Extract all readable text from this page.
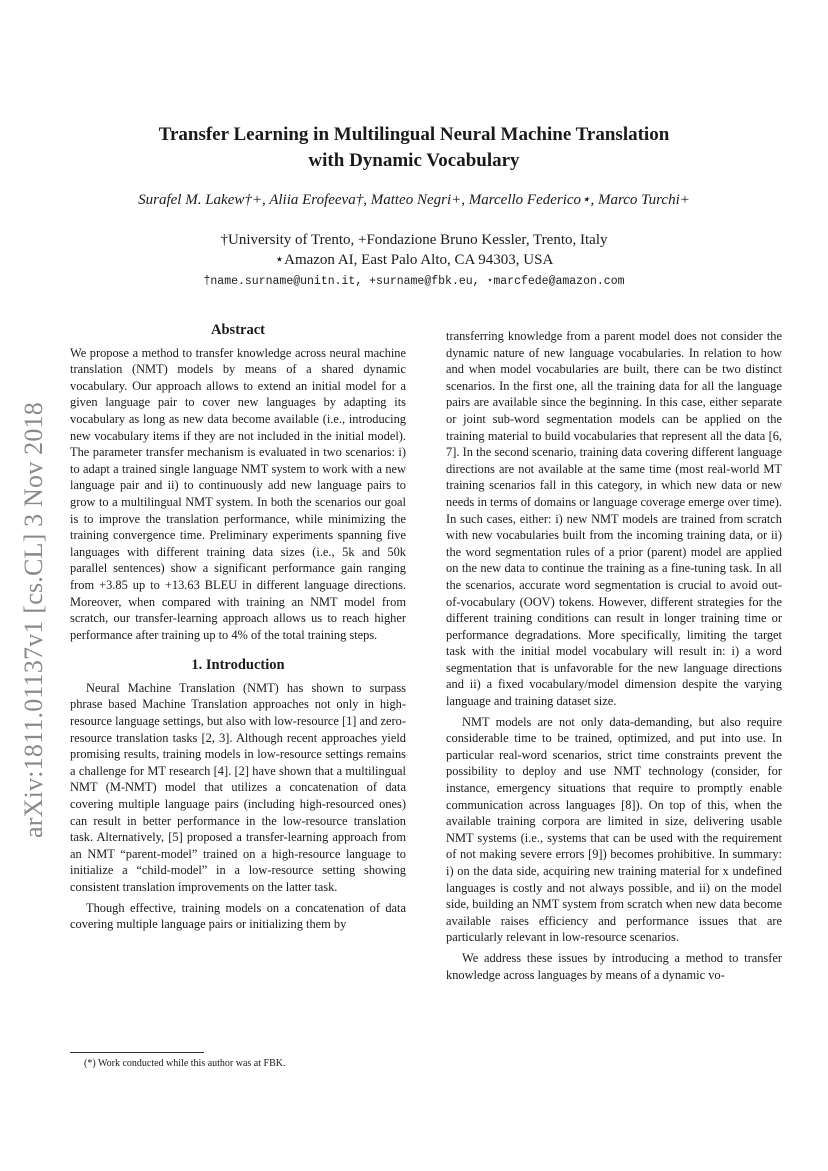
arXiv:1811.01137v1 [cs.CL] 3 Nov 2018
Transfer Learning in Multilingual Neural Machine Translation
with Dynamic Vocabulary
Surafel M. Lakew†+, Aliia Erofeeva†, Matteo Negri+, Marcello Federico⋆, Marco Turchi+
†University of Trento, +Fondazione Bruno Kessler, Trento, Italy
⋆Amazon AI, East Palo Alto, CA 94303, USA
†name.surname@unitn.it, +surname@fbk.eu, ⋆marcfede@amazon.com
Abstract

We propose a method to transfer knowledge across neural machine translation (NMT) models by means of a shared dynamic vocabulary. Our approach allows to extend an initial model for a given language pair to cover new languages by adapting its vocabulary as long as new data become available (i.e., introducing new vocabulary items if they are not included in the initial model). The parameter transfer mechanism is evaluated in two scenarios: i) to adapt a trained single language NMT system to work with a new language pair and ii) to continuously add new language pairs to grow to a multilingual NMT system. In both the scenarios our goal is to improve the translation performance, while minimizing the training convergence time. Preliminary experiments spanning five languages with different training data sizes (i.e., 5k and 50k parallel sentences) show a significant performance gain ranging from +3.85 up to +13.63 BLEU in different language directions. Moreover, when compared with training an NMT model from scratch, our transfer-learning approach allows us to reach higher performance after training up to 4% of the total training steps.

1. Introduction

Neural Machine Translation (NMT) has shown to surpass phrase based Machine Translation approaches not only in high-resource language settings, but also with low-resource [1] and zero-resource translation tasks [2, 3]. Although recent approaches yield promising results, training models in low-resource settings remains a challenge for MT research [4]. [2] have shown that a multilingual NMT (M-NMT) model that utilizes a concatenation of data covering multiple language pairs (including high-resourced ones) can result in better performance in the low-resource translation task. Alternatively, [5] proposed a transfer-learning approach from an NMT “parent-model” trained on a high-resource language to initialize a “child-model” in a low-resource setting showing consistent translation improvements on the latter task.

Though effective, training models on a concatenation of data covering multiple language pairs or initializing them by

transferring knowledge from a parent model does not consider the dynamic nature of new language vocabularies. In relation to how and when model vocabularies are built, there can be two distinct scenarios. In the first one, all the training data for all the language pairs are available since the beginning. In this case, either separate or joint sub-word segmentation models can be applied on the training material to build vocabularies that represent all the data [6, 7]. In the second scenario, training data covering different language directions are not available at the same time (most real-world MT training scenarios fall in this category, in which new data or new needs in terms of domains or language coverage emerge over time). In such cases, either: i) new NMT models are trained from scratch with new vocabularies built from the incoming training data, or ii) the word segmentation rules of a prior (parent) model are applied on the new data to continue the training as a fine-tuning task. In all the scenarios, accurate word segmentation is crucial to avoid out-of-vocabulary (OOV) tokens. However, different strategies for the different training conditions can result in longer training time or performance degradations. More specifically, limiting the target task with the initial model vocabulary will result in: i) a word segmentation that is unfavorable for the new language directions and ii) a fixed vocabulary/model dimension despite the varying language and training dataset size.

NMT models are not only data-demanding, but also require considerable time to be trained, optimized, and put into use. In particular real-word scenarios, strict time constraints prevent the possibility to deploy and use NMT technology (consider, for instance, emergency situations that require to promptly enable communication across languages [8]). On top of this, when the available training corpora are limited in size, delivering usable NMT systems (i.e., systems that can be used with the requirement of not making severe errors [9]) becomes prohibitive. In summary: i) on the data side, acquiring new training material for x undefined languages is costly and not always possible, and ii) on the model side, building an NMT system from scratch when new data become available raises efficiency and performance issues that are particularly relevant in low-resource scenarios.

We address these issues by introducing a method to transfer knowledge across languages by means of a dynamic vo-

(*) Work conducted while this author was at FBK.
